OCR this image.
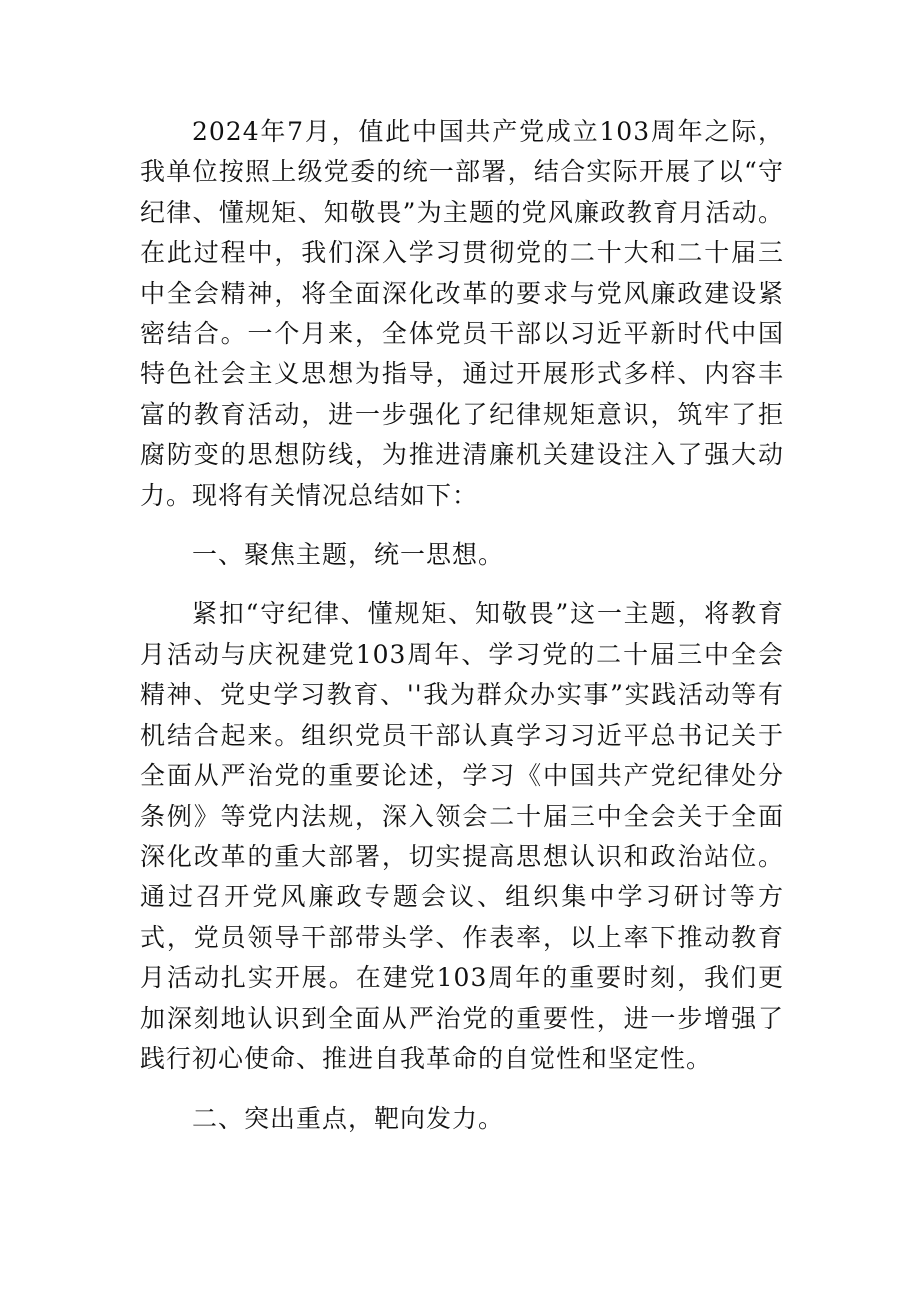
2024年7月，值此中国共产党成立103周年之际，我单位按照上级党委的统一部署，结合实际开展了以“守纪律、懂规矩、知敬畏”为主题的党风廉政教育月活动。在此过程中，我们深入学习贯彻党的二十大和二十届三中全会精神，将全面深化改革的要求与党风廉政建设紧密结合。一个月来，全体党员干部以习近平新时代中国特色社会主义思想为指导，通过开展形式多样、内容丰富的教育活动，进一步强化了纪律规矩意识，筑牢了拒腐防变的思想防线，为推进清廉机关建设注入了强大动力。现将有关情况总结如下：

一、聚焦主题，统一思想。

紧扣“守纪律、懂规矩、知敬畏”这一主题，将教育月活动与庆祝建党103周年、学习党的二十届三中全会精神、党史学习教育、''我为群众办实事”实践活动等有机结合起来。组织党员干部认真学习习近平总书记关于全面从严治党的重要论述，学习《中国共产党纪律处分条例》等党内法规，深入领会二十届三中全会关于全面深化改革的重大部署，切实提高思想认识和政治站位。通过召开党风廉政专题会议、组织集中学习研讨等方式，党员领导干部带头学、作表率，以上率下推动教育月活动扎实开展。在建党103周年的重要时刻，我们更加深刻地认识到全面从严治党的重要性，进一步增强了践行初心使命、推进自我革命的自觉性和坚定性。

二、突出重点，靶向发力。
